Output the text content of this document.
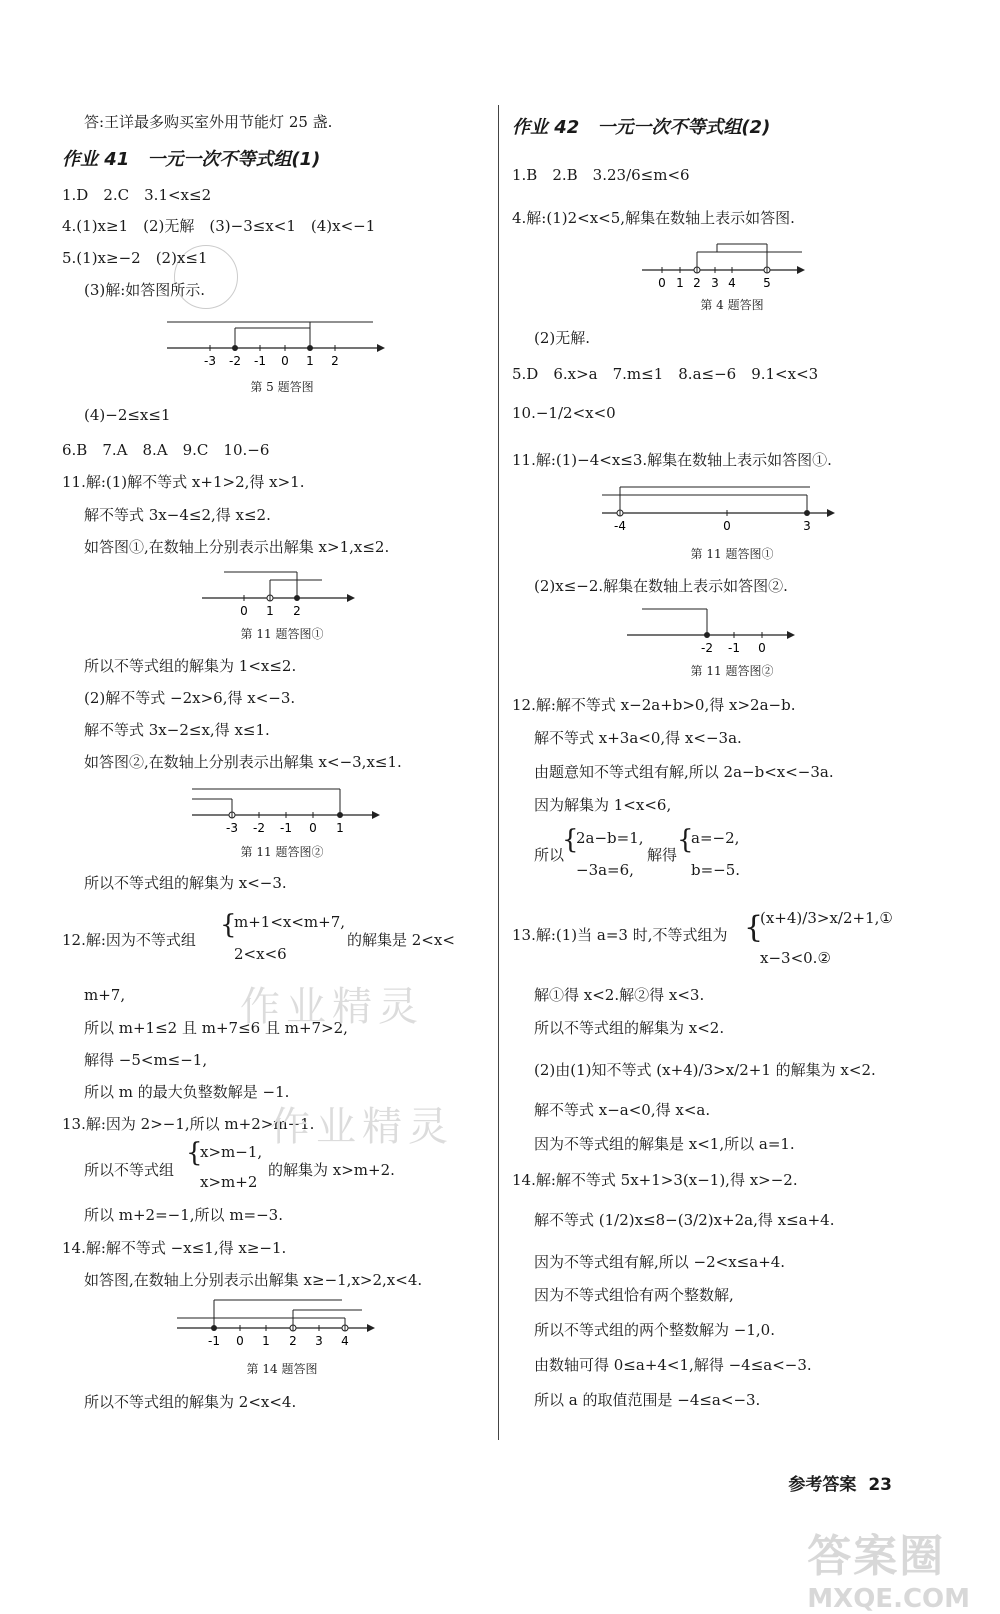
答:王详最多购买室外用节能灯 25 盏.
作业 41　一元一次不等式组(1)
1.D　2.C　3.1<x≤2
4.(1)x≥1　(2)无解　(3)−3≤x<1　(4)x<−1
5.(1)x≥−2　(2)x≤1
(3)解:如答图所示.
-3 -2 -1 0 1 2
第 5 题答图
(4)−2≤x≤1
6.B　7.A　8.A　9.C　10.−6
11.解:(1)解不等式 x+1>2,得 x>1.
解不等式 3x−4≤2,得 x≤2.
如答图①,在数轴上分别表示出解集 x>1,x≤2.
0 1 2
第 11 题答图①
所以不等式组的解集为 1<x≤2.
(2)解不等式 −2x>6,得 x<−3.
解不等式 3x−2≤x,得 x≤1.
如答图②,在数轴上分别表示出解集 x<−3,x≤1.
-3 -2 -1 0 1
第 11 题答图②
所以不等式组的解集为 x<−3.
12.解:因为不等式组 {
m+1<x<m+7,
2<x<6
的解集是 2<x<
m+7,
所以 m+1≤2 且 m+7≤6 且 m+7>2,
解得 −5<m≤−1,
所以 m 的最大负整数解是 −1.
13.解:因为 2>−1,所以 m+2>m−1.
所以不等式组
{
x>m−1,
x>m+2
的解集为 x>m+2.
所以 m+2=−1,所以 m=−3.
14.解:解不等式 −x≤1,得 x≥−1.
如答图,在数轴上分别表示出解集 x≥−1,x>2,x<4.
-1 0 1 2 3 4
第 14 题答图
所以不等式组的解集为 2<x<4.
作业 42　一元一次不等式组(2)
1.B　2.B　3.23/6≤m<6
4.解:(1)2<x<5,解集在数轴上表示如答图.
0 1 2 3 4 5
第 4 题答图
(2)无解.
5.D　6.x>a　7.m≤1　8.a≤−6　9.1<x<3
10.−1/2<x<0
11.解:(1)−4<x≤3.解集在数轴上表示如答图①.
-4	0	3
第 11 题答图①
(2)x≤−2.解集在数轴上表示如答图②.
-2 -1 0
第 11 题答图②
12.解:解不等式 x−2a+b>0,得 x>2a−b.
解不等式 x+3a<0,得 x<−3a.
由题意知不等式组有解,所以 2a−b<x<−3a.
因为解集为 1<x<6,
所以
{
2a−b=1,
−3a=6,
解得 {
a=−2,
b=−5.
13.解:(1)当 a=3 时,不等式组为 {
(x+4)/3>x/2+1,①
x−3<0.②
解①得 x<2.解②得 x<3.
所以不等式组的解集为 x<2.
(2)由(1)知不等式 (x+4)/3>x/2+1 的解集为 x<2.
解不等式 x−a<0,得 x<a.
因为不等式组的解集是 x<1,所以 a=1.
14.解:解不等式 5x+1>3(x−1),得 x>−2.
解不等式 (1/2)x≤8−(3/2)x+2a,得 x≤a+4.
因为不等式组有解,所以 −2<x≤a+4.
因为不等式组恰有两个整数解,
所以不等式组的两个整数解为 −1,0.
由数轴可得 0≤a+4<1,解得 −4≤a<−3.
所以 a 的取值范围是 −4≤a<−3.
作业精灵
作业精灵
参考答案 23
答案圈
MXQE.COM
